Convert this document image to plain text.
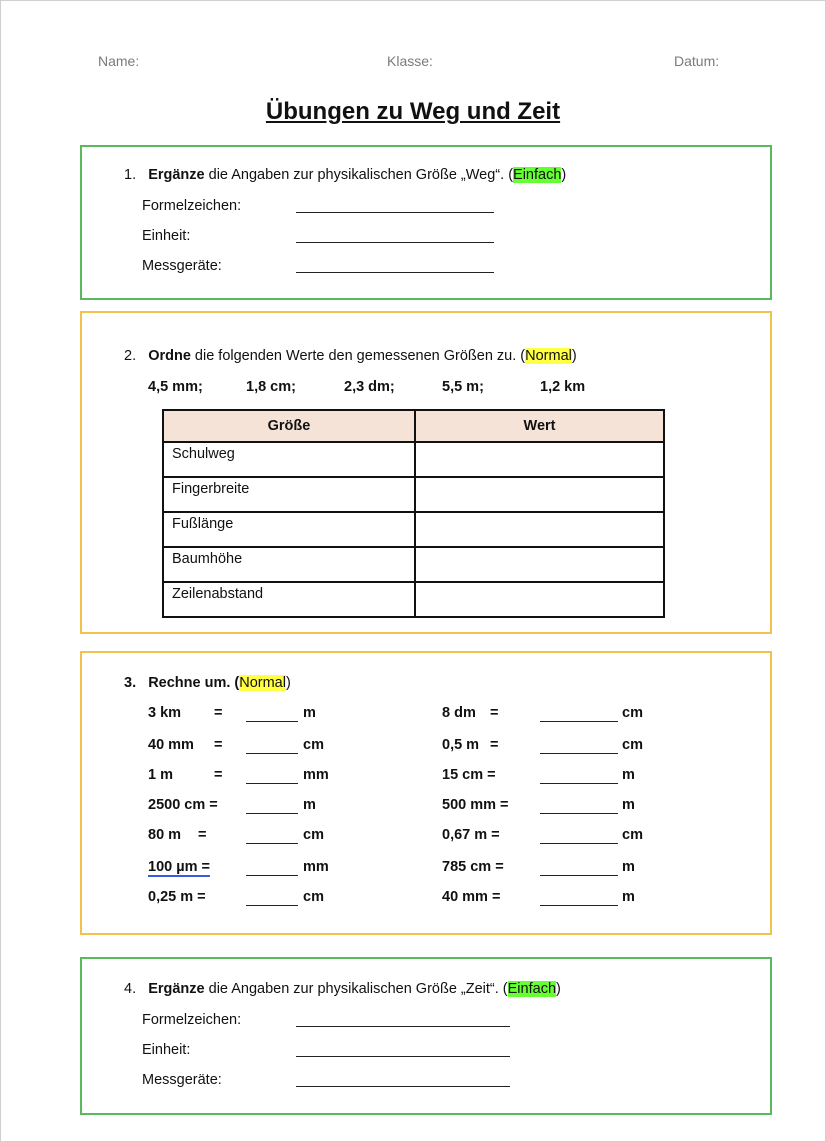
Name:	Klasse:	Datum:
Übungen zu Weg und Zeit
1. Ergänze die Angaben zur physikalischen Größe „Weg“. (Einfach)
Formelzeichen:
Einheit:
Messgeräte:
2. Ordne die folgenden Werte den gemessenen Größen zu. (Normal)
4,5 mm;	1,8 cm;	2,3 dm;	5,5 m;	1,2 km
Größe	Wert
Schulweg	
Fingerbreite	
Fußlänge	
Baumhöhe	
Zeilenabstand	
3. Rechne um. (Normal)
3 km =	m
40 mm =	cm
1 m	=	mm
2500 cm =	m
80 m =	cm
100 µm =	mm
0,25 m =	cm
8 dm =	cm
0,5 m =	cm
15 cm =	m
500 mm =	m
0,67 m =	cm
785 cm =	m
40 mm =	m
4. Ergänze die Angaben zur physikalischen Größe „Zeit“. (Einfach)
Formelzeichen:
Einheit:
Messgeräte:
